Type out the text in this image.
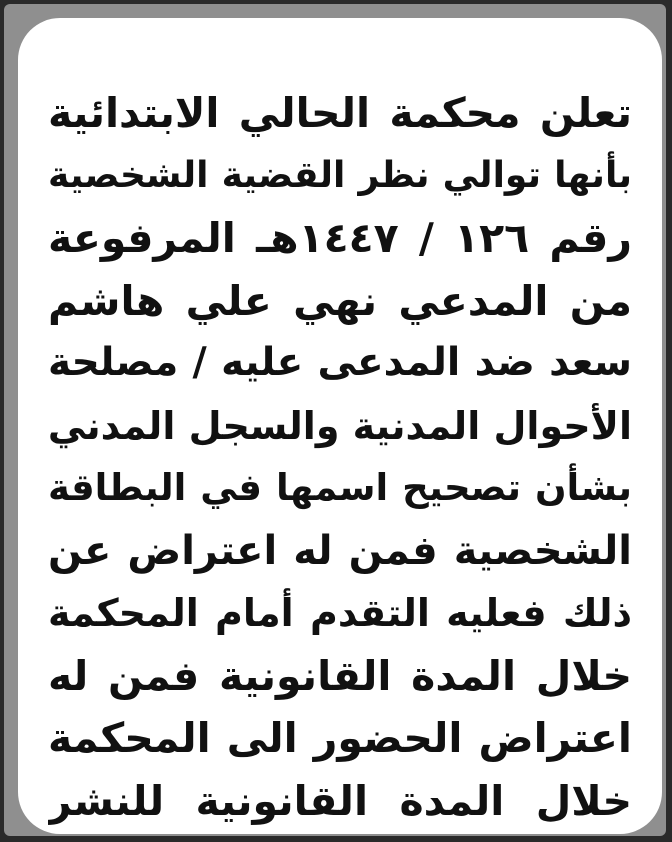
تعلن محكمة الحالي الابتدائية
بأنها توالي نظر القضية الشخصية
رقم ١٢٦ / ١٤٤٧هـ المرفوعة
من المدعي نهي علي هاشم
سعد ضد المدعى عليه / مصلحة
الأحوال المدنية والسجل المدني
بشأن تصحيح اسمها في البطاقة
الشخصية فمن له اعتراض عن
ذلك فعليه التقدم أمام المحكمة
خلال المدة القانونية فمن له
اعتراض الحضور الى المحكمة
خلال المدة القانونية للنشر
